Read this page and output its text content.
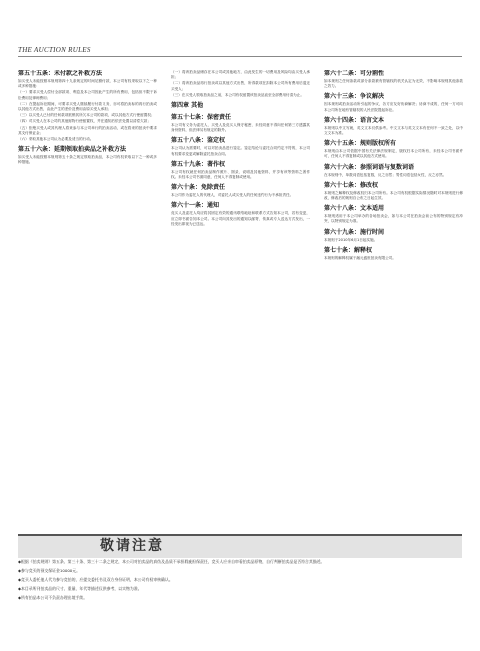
THE AUCTION RULES
第五十五条：未付款之补救方法

如买受人未能按照本规则第四十九条规定的时间足额付款，本公司有权采取以下之一种或多种措施：

（一）要求买受人偿付全部款项、利息及本公司因此产生的所有费用，包括但不限于诉讼费用及律师费用；

（二）在提起诉讼期间，可要求买受人继续履行付款义务，亦可将拍卖标的再行拍卖或以其他方式出售，由此产生的差价及费用由原买受人承担；

（三）以买受人已付的任何款项抵销其所欠本公司的款项，或以其他方式行使留置权；

（四）对买受人在本公司的其他财物行使留置权，并在通知后依法处置以清偿欠款；

（五）拒绝买受人或其代理人将来参与本公司举行的拍卖活动，或在将来的拍卖中要求其支付保证金；

（六）采取其他本公司认为必要及适当的行动。

第五十六条：延期领取拍卖品之补救方法

如买受人未能按照本规则第五十条之规定领取拍卖品，本公司有权采取以下之一种或多种措施。

（一）将该拍卖品储存在本公司或其他地方，由此发生的一切费用及风险均由买受人承担；

（二）将该拍卖品再行拍卖或以其他方式出售，所得款项在扣除本公司所有费用后退还买受人；

（三）在买受人领取拍卖品之前，本公司有权留置该拍卖品直至全部费用付清为止。

第四章 其他
第五十七条：保密责任

本公司有义务为委托人、买受人及竞买人保守秘密，未经同意不得向任何第三方透露其身份资料，但法律另有规定的除外。

第五十八条：鉴定权

本公司认为需要时，可以对拍卖品进行鉴定。鉴定结论与委托合同约定不符的，本公司有权要求变更或解除委托拍卖合同。

第五十九条：著作权

本公司有权就任何拍卖品制作照片、图录、说明及其他资料，并享有该等资料之著作权。未经本公司书面同意，任何人不得复制或使用。

第六十条：免除责任

本公司作为委托人的代理人，对委托人或买受人的任何违约行为不承担责任。

第六十一条：通知

竞买人及委托人均应将其固定有效的通讯联络地址和联系方式告知本公司，若有变更，应立即书面告知本公司。本公司向其发出的通知以邮寄、传真或专人送达方式发出，一经发出即视为已送达。

第六十二条：可分割性

如本规则之任何条款或部分条款被有管辖权的机关认定为无效，不影响本规则其他条款之效力。

第六十三条：争议解决

因本规则或拍卖活动所引起的争议，各方应友好协商解决；协商不成的，任何一方可向本公司所在地有管辖权的人民法院提起诉讼。

第六十四条：语言文本

本规则以中文写就，英文文本仅供参考。中文文本与英文文本有任何不一致之处，以中文文本为准。

第六十五条：规则版权所有

本规则由本公司依据中国有关法律法规制定，版权归本公司所有，未经本公司书面许可，任何人不得复制或以其他方式使用。

第六十六条：参照词语与复数词语

在本规则中，单数词语包括复数，反之亦然；男性词语包括女性，反之亦然。

第六十七条：修改权

本规则之解释权及修改权归本公司所有。本公司有权根据实际情况随时对本规则进行修改，修改后的规则自公布之日起生效。

第六十八条：文本适用

本规则适用于本公司举办的各场拍卖会，如与本公司在拍卖会前公布的特别规定有冲突，以特别规定为准。

第六十九条：施行时间

本规则于2010年6月1日起实施。

第七十条：解释权

本规则的解释权属于瀚元盛世拍卖有限公司。

敬请注意
◆根据《拍卖规则》第五条、第三十条、第三十二条之规定，本公司对拍卖品的真伪及品质不承担瑕疵担保责任，竞买人应亲自审看拍卖品原物，自行判断拍卖品是否符合其描述。
◆参与竞买的预交保证金10000元。
◆竞买人委托他人代为参与竞拍的，应提交委托书及双方身份证明，本公司有权审核确认。
◆本目录所刊拍卖品的尺寸、重量、年代等描述仅供参考，以实物为准。
◆所有拍品本公司不负责办理出境手续。
